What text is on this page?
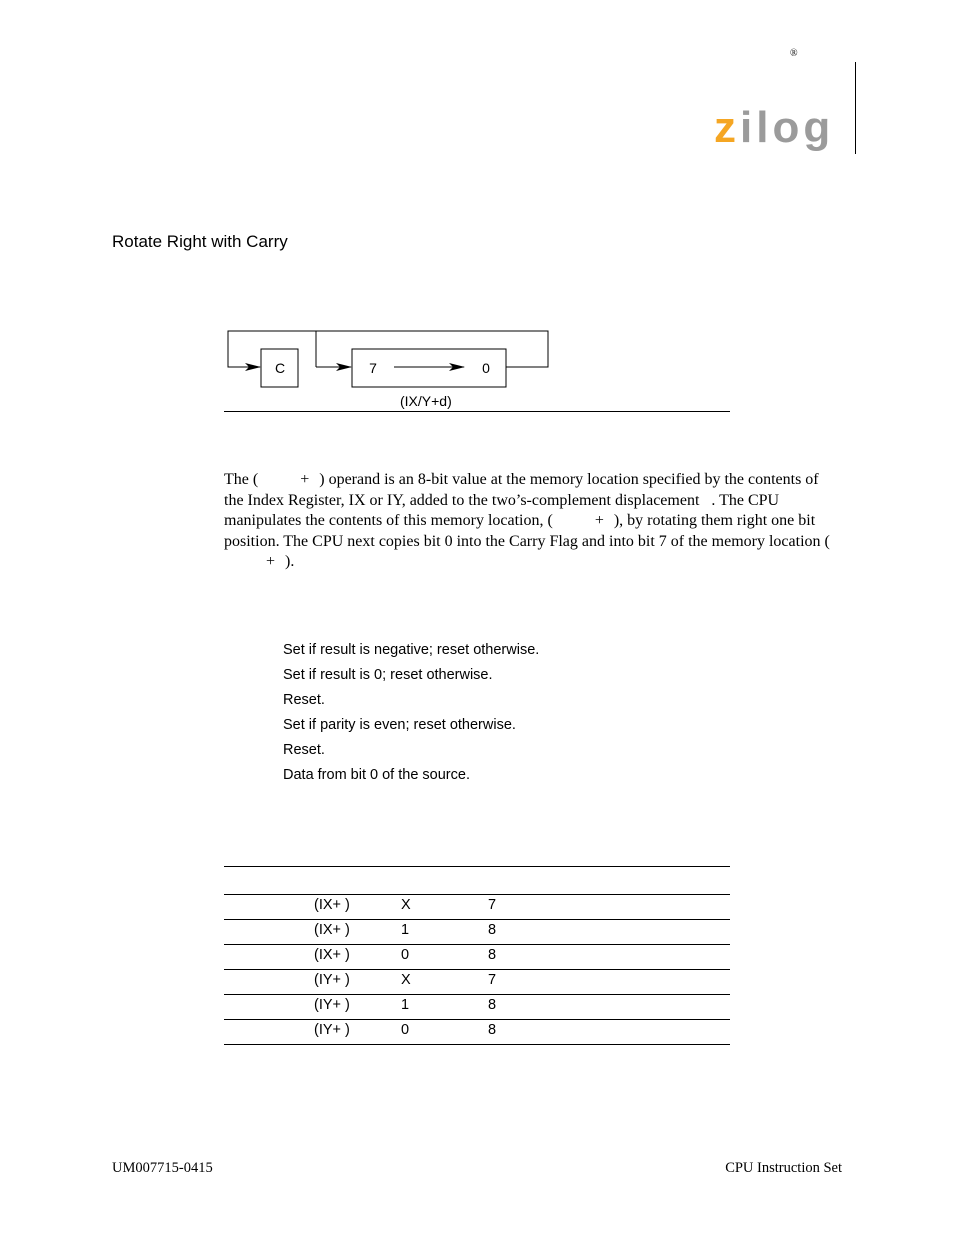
®
zilog
Rotate Right with Carry
C	7	0
(IX/Y+d)
The (	+ ) operand is an 8-bit value at the memory location specified by the contents of the Index Register, IX or IY, added to the two’s-complement displacement . The CPU manipulates the contents of this memory location, (	+ ), by rotating them right one bit position. The CPU next copies bit 0 into the Carry Flag and into bit 7 of the memory location (+ ).
Set if result is negative; reset otherwise.
Set if result is 0; reset otherwise.
Reset.
Set if parity is even; reset otherwise.
Reset.
Data from bit 0 of the source.
(IX+ )	X	7
(IX+ )	1	8
(IX+ )	0	8
(IY+ )	X	7
(IY+ )	1	8
(IY+ )	0	8
UM007715-0415	CPU Instruction Set
